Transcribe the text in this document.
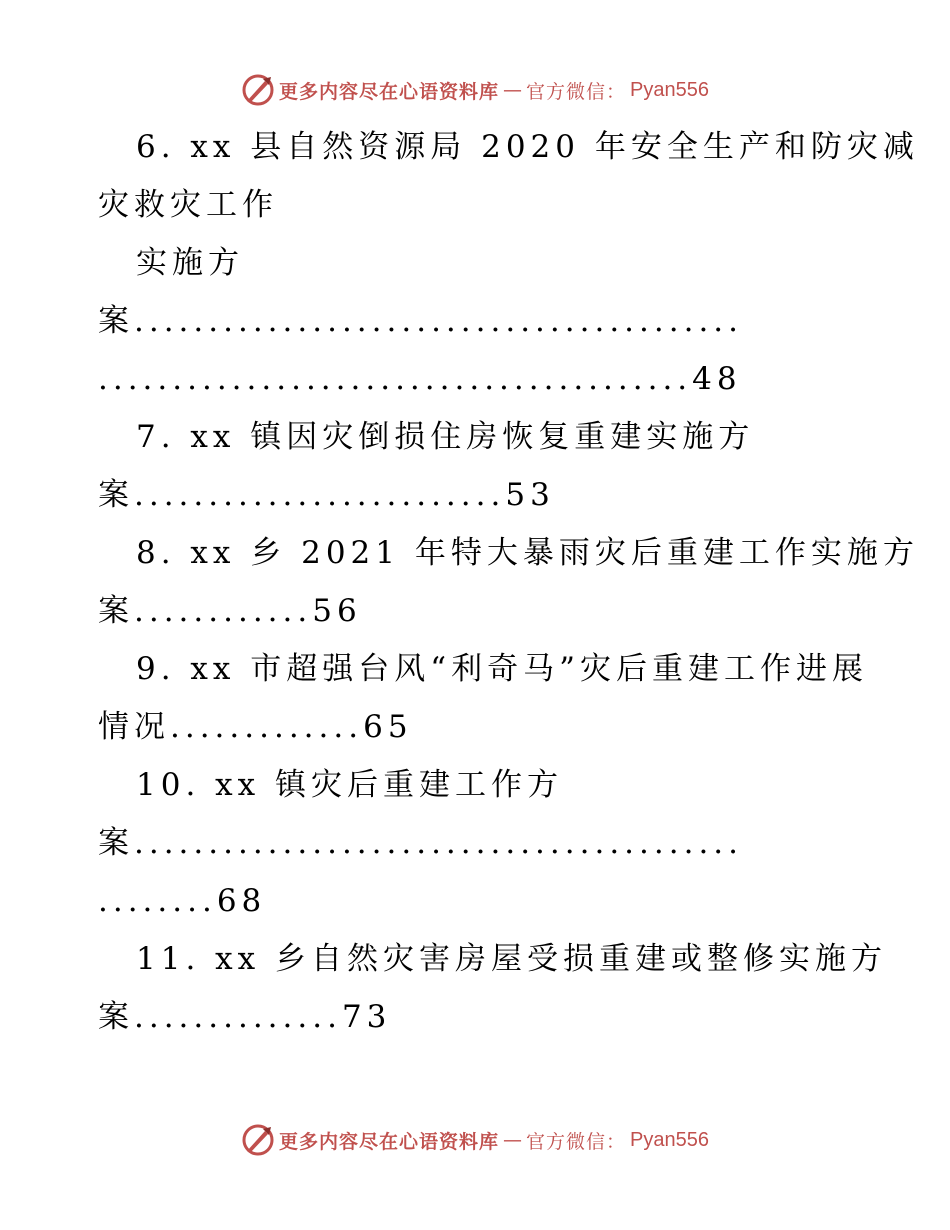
更多内容尽在心语资料库 — 官方微信： Pyan556
6. xx 县自然资源局 2020 年安全生产和防灾减
灾救灾工作
实施方
案.........................................
........................................48
7. xx 镇因灾倒损住房恢复重建实施方
案.........................53
8. xx 乡 2021 年特大暴雨灾后重建工作实施方
案............56
9. xx 市超强台风“利奇马”灾后重建工作进展
情况.............65
10. xx 镇灾后重建工作方
案.........................................
........68
11. xx 乡自然灾害房屋受损重建或整修实施方
案..............73
更多内容尽在心语资料库 — 官方微信： Pyan556
